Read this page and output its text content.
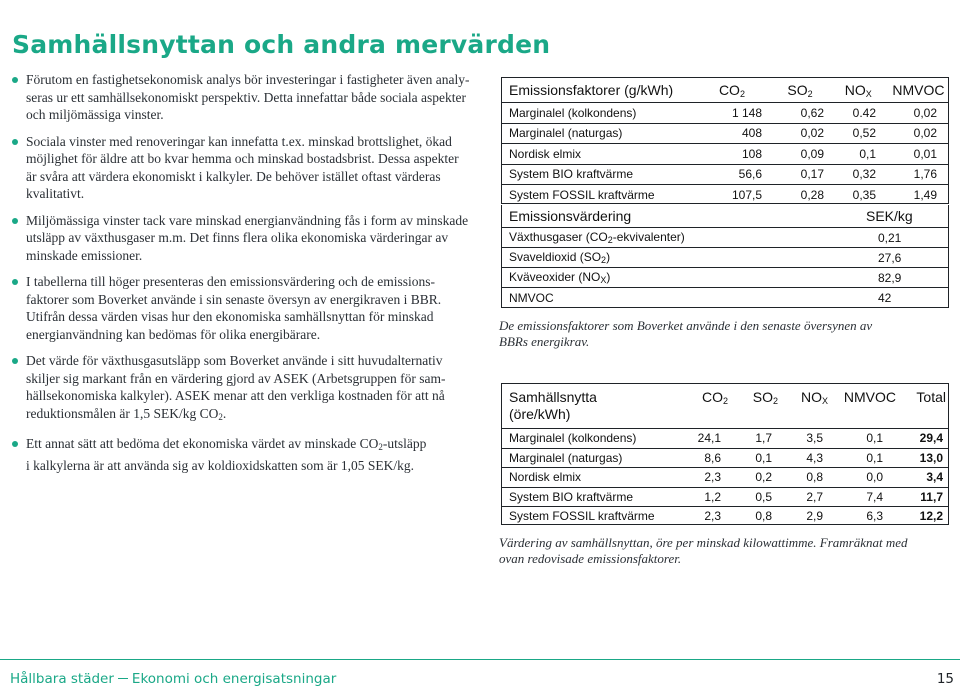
Samhällsnyttan och andra mervärden
Förutom en fastighetsekonomisk analys bör investeringar i fastigheter även analy-
seras ur ett samhällsekonomiskt perspektiv. Detta innefattar både sociala aspekter
och miljömässiga vinster.
Sociala vinster med renoveringar kan innefatta t.ex. minskad brottslighet, ökad
möjlighet för äldre att bo kvar hemma och minskad bostadsbrist. Dessa aspekter
är svåra att värdera ekonomiskt i kalkyler. De behöver istället oftast värderas
kvalitativt.
Miljömässiga vinster tack vare minskad energianvändning fås i form av minskade
utsläpp av växthusgaser m.m. Det finns flera olika ekonomiska värderingar av
minskade emissioner.
I tabellerna till höger presenteras den emissionsvärdering och de emissions-
faktorer som Boverket använde i sin senaste översyn av energikraven i BBR.
Utifrån dessa värden visas hur den ekonomiska samhällsnyttan för minskad
energianvändning kan bedömas för olika energibärare.
Det värde för växthusgasutsläpp som Boverket använde i sitt huvudalternativ
skiljer sig markant från en värdering gjord av ASEK (Arbetsgruppen för sam-
hällsekonomiska kalkyler). ASEK menar att den verkliga kostnaden för att nå
reduktionsmålen är 1,5 SEK/kg $CO_2$.
Ett annat sätt att bedöma det ekonomiska värdet av minskade $CO_2$-utsläpp
i kalkylerna är att använda sig av koldioxidskatten som är 1,05 SEK/kg.
Emissionsfaktorer (g/kWh)	$CO_2$	$SO_2$	$NO_X$	NMVOC
Marginalel (kolkondens)	1 148	0,62	0.42	0,02
Marginalel (naturgas)	408	0,02	0,52	0,02
Nordisk elmix	108	0,09	0,1	0,01
System BIO kraftvärme	56,6	0,17	0,32	1,76
System FOSSIL kraftvärme	107,5	0,28	0,35	1,49
Emissionsvärdering	SEK/kg
Växthusgaser $(CO_2-ekvivalenter)$	0,21
Svaveldioxid $(SO_2)$	27,6
Kväveoxider $(NO_X)$	82,9
NMVOC	42
De emissionsfaktorer som Boverket använde i den senaste översynen av
BBRs energikrav.
Samhällsnytta
(öre/kWh)
$CO_2$	$SO_2$	$NO_X$	NMVOC	Total
Marginalel (kolkondens)	24,1	1,7	3,5	0,1	29,4
Marginalel (naturgas)	8,6	0,1	4,3	0,1	13,0
Nordisk elmix	2,3	0,2	0,8	0,0	3,4
System BIO kraftvärme	1,2	0,5	2,7	7,4	11,7
System FOSSIL kraftvärme	2,3	0,8	2,9	6,3	12,2
Värdering av samhällsnyttan, öre per minskad kilowattimme. Framräknat med
ovan redovisade emissionsfaktorer.
Hållbara städer Ekonomi och energisatsningar	15
